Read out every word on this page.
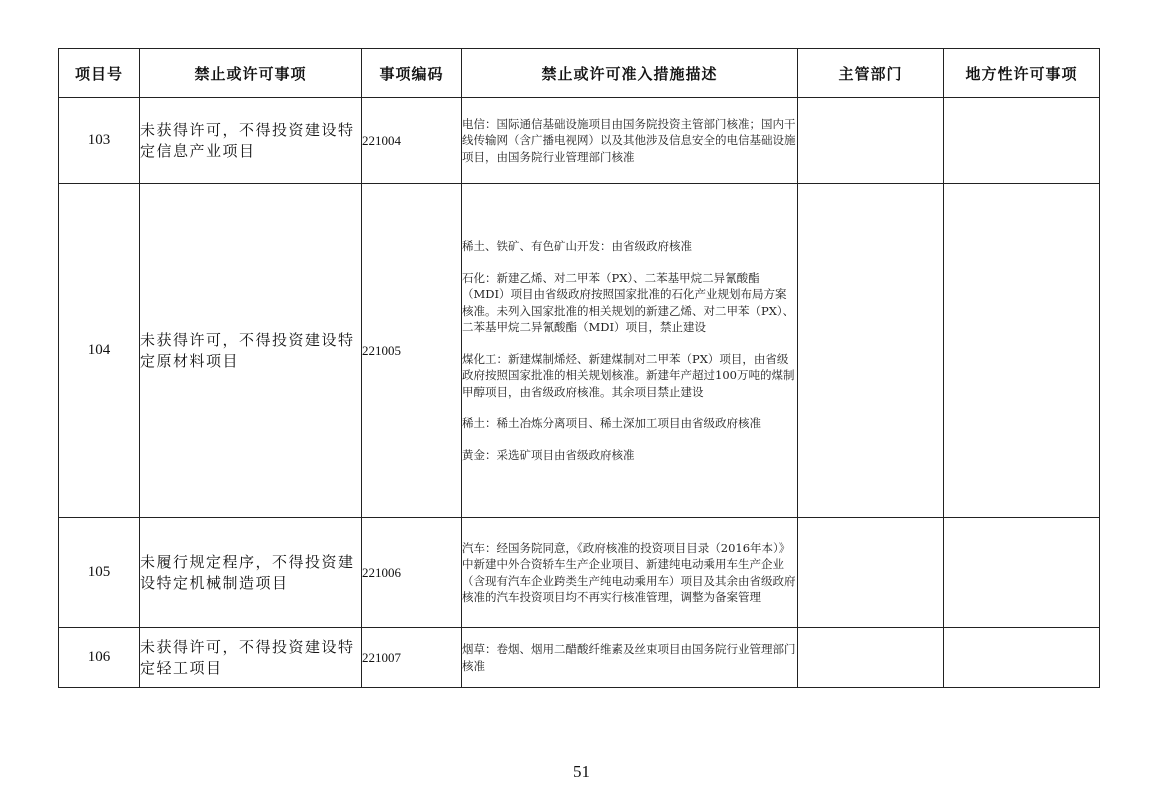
项目号	禁止或许可事项	事项编码	禁止或许可准入措施描述	主管部门	地方性许可事项
103	未获得许可，不得投资建设特定信息产业项目	221004	电信：国际通信基础设施项目由国务院投资主管部门核准；国内干线传输网（含广播电视网）以及其他涉及信息安全的电信基础设施项目，由国务院行业管理部门核准		

104	未获得许可，不得投资建设特定原材料项目	221005	稀土、铁矿、有色矿山开发：由省级政府核准

石化：新建乙烯、对二甲苯（PX）、二苯基甲烷二异氰酸酯（MDI）项目由省级政府按照国家批准的石化产业规划布局方案核准。未列入国家批准的相关规划的新建乙烯、对二甲苯（PX）、二苯基甲烷二异氰酸酯（MDI）项目，禁止建设

煤化工：新建煤制烯烃、新建煤制对二甲苯（PX）项目，由省级政府按照国家批准的相关规划核准。新建年产超过100万吨的煤制甲醇项目，由省级政府核准。其余项目禁止建设

稀土：稀土冶炼分离项目、稀土深加工项目由省级政府核准

黄金：采选矿项目由省级政府核准		

105	未履行规定程序，不得投资建设特定机械制造项目	221006	汽车：经国务院同意，《政府核准的投资项目目录（2016年本）》中新建中外合资轿车生产企业项目、新建纯电动乘用车生产企业（含现有汽车企业跨类生产纯电动乘用车）项目及其余由省级政府核准的汽车投资项目均不再实行核准管理，调整为备案管理		

106	未获得许可，不得投资建设特定轻工项目	221007	烟草：卷烟、烟用二醋酸纤维素及丝束项目由国务院行业管理部门核准		

51
